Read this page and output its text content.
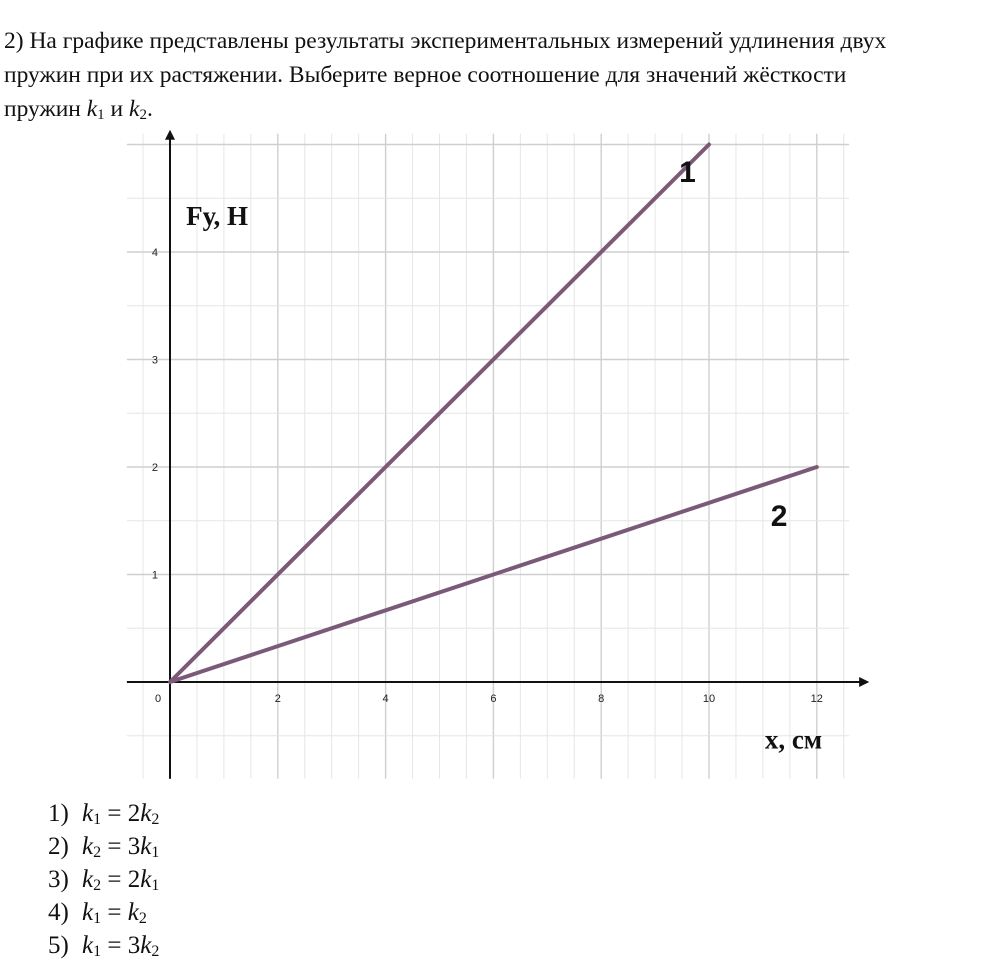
2) На графике представлены результаты экспериментальных измерений удлинения двух
пружин при их растяжении. Выберите верное соотношение для значений жёсткости
пружин $k_1$ и $k_2$.
0	2	4	6	8	10	12
1
2
3
4
1
2
Fу, Н
x, см
1) $k_1 = 2k_2$
2) $k_2 = 3k_1$
3) $k_2 = 2k_1$
4) $k_1 = k_2$
5) $k_1 = 3k_2$
